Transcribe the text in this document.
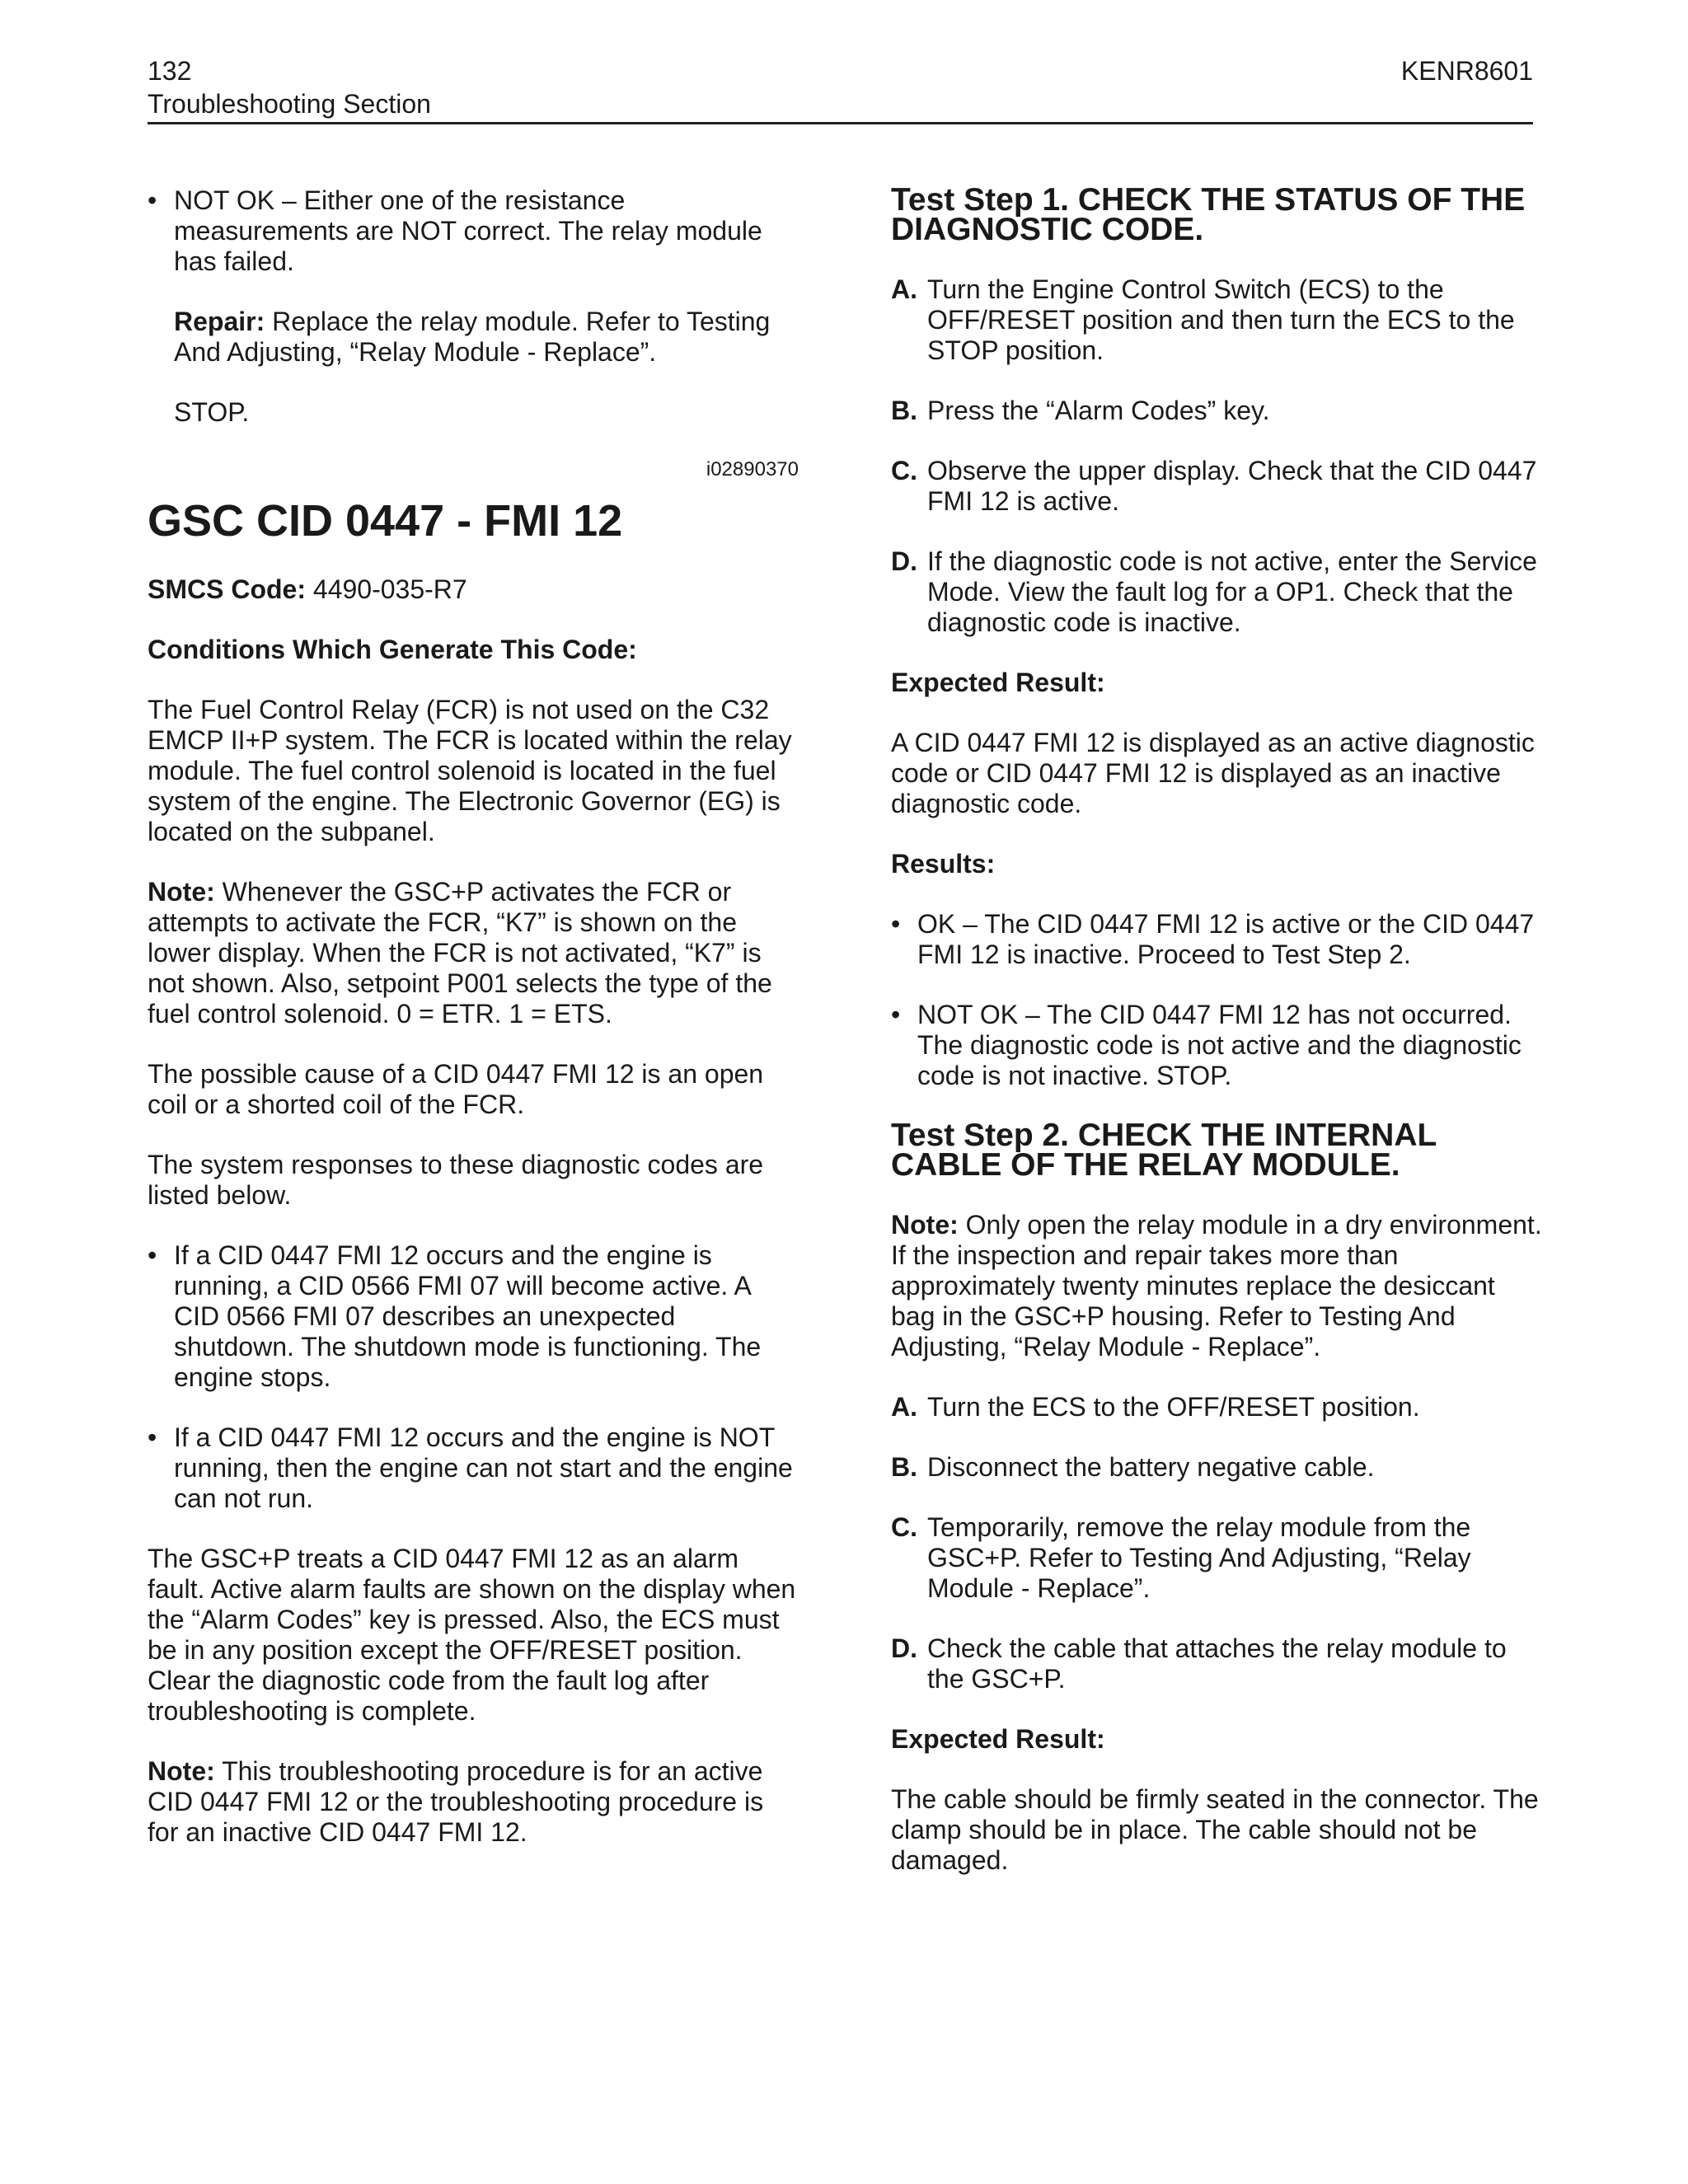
132
Troubleshooting Section
KENR8601
• NOT OK – Either one of the resistance measurements are NOT correct. The relay module has failed.

Repair: Replace the relay module. Refer to Testing And Adjusting, “Relay Module - Replace”.

STOP.

i02890370
GSC CID 0447 - FMI 12

SMCS Code: 4490-035-R7

Conditions Which Generate This Code:

The Fuel Control Relay (FCR) is not used on the C32 EMCP II+P system. The FCR is located within the relay module. The fuel control solenoid is located in the fuel system of the engine. The Electronic Governor (EG) is located on the subpanel.

Note: Whenever the GSC+P activates the FCR or attempts to activate the FCR, “K7” is shown on the lower display. When the FCR is not activated, “K7” is not shown. Also, setpoint P001 selects the type of the fuel control solenoid. 0 = ETR. 1 = ETS.

The possible cause of a CID 0447 FMI 12 is an open coil or a shorted coil of the FCR.

The system responses to these diagnostic codes are listed below.

• If a CID 0447 FMI 12 occurs and the engine is running, a CID 0566 FMI 07 will become active. A CID 0566 FMI 07 describes an unexpected shutdown. The shutdown mode is functioning. The engine stops.
• If a CID 0447 FMI 12 occurs and the engine is NOT running, then the engine can not start and the engine can not run.

The GSC+P treats a CID 0447 FMI 12 as an alarm fault. Active alarm faults are shown on the display when the “Alarm Codes” key is pressed. Also, the ECS must be in any position except the OFF/RESET position. Clear the diagnostic code from the fault log after troubleshooting is complete.

Note: This troubleshooting procedure is for an active CID 0447 FMI 12 or the troubleshooting procedure is for an inactive CID 0447 FMI 12.

Test Step 1. CHECK THE STATUS OF THE DIAGNOSTIC CODE.
A. Turn the Engine Control Switch (ECS) to the OFF/RESET position and then turn the ECS to the STOP position.
B. Press the “Alarm Codes” key.
C. Observe the upper display. Check that the CID 0447 FMI 12 is active.
D. If the diagnostic code is not active, enter the Service Mode. View the fault log for a OP1. Check that the diagnostic code is inactive.

Expected Result:

A CID 0447 FMI 12 is displayed as an active diagnostic code or CID 0447 FMI 12 is displayed as an inactive diagnostic code.

Results:

• OK – The CID 0447 FMI 12 is active or the CID 0447 FMI 12 is inactive. Proceed to Test Step 2.
• NOT OK – The CID 0447 FMI 12 has not occurred. The diagnostic code is not active and the diagnostic code is not inactive. STOP.
Test Step 2. CHECK THE INTERNAL CABLE OF THE RELAY MODULE.

Note: Only open the relay module in a dry environment. If the inspection and repair takes more than approximately twenty minutes replace the desiccant bag in the GSC+P housing. Refer to Testing And Adjusting, “Relay Module - Replace”.

A. Turn the ECS to the OFF/RESET position.
B. Disconnect the battery negative cable.
C. Temporarily, remove the relay module from the GSC+P. Refer to Testing And Adjusting, “Relay Module - Replace”.
D. Check the cable that attaches the relay module to the GSC+P.

Expected Result:

The cable should be firmly seated in the connector. The clamp should be in place. The cable should not be damaged.
